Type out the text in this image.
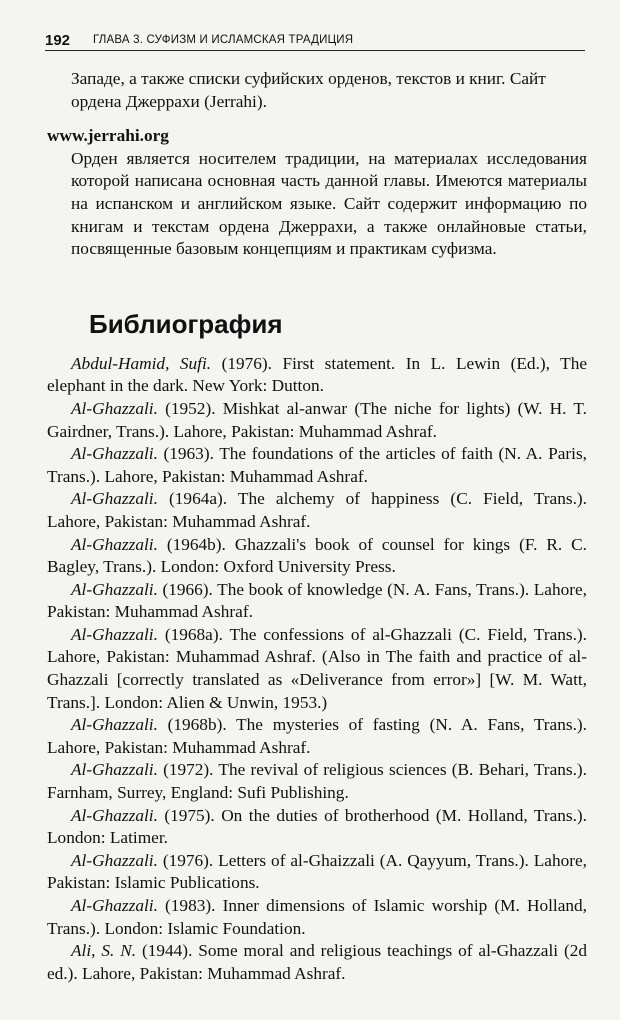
192 ГЛАВА 3. СУФИЗМ И ИСЛАМСКАЯ ТРАДИЦИЯ

Западе, а также списки суфийских орденов, текстов и книг. Сайт ордена Джеррахи (Jerrahi).

www.jerrahi.org

Орден является носителем традиции, на материалах исследования которой написана основная часть данной главы. Имеются материалы на испанском и английском языке. Сайт содержит информацию по книгам и текстам ордена Джеррахи, а также онлайновые статьи, посвященные базовым концепциям и практикам суфизма.

Библиография

Abdul-Hamid, Sufi. (1976). First statement. In L. Lewin (Ed.), The elephant in the dark. New York: Dutton.

Al-Ghazzali. (1952). Mishkat al-anwar (The niche for lights) (W. H. T. Gairdner, Trans.). Lahore, Pakistan: Muhammad Ashraf.

Al-Ghazzali. (1963). The foundations of the articles of faith (N. A. Paris, Trans.). Lahore, Pakistan: Muhammad Ashraf.

Al-Ghazzali. (1964a). The alchemy of happiness (C. Field, Trans.). Lahore, Pakistan: Muhammad Ashraf.

Al-Ghazzali. (1964b). Ghazzali's book of counsel for kings (F. R. C. Bagley, Trans.). London: Oxford University Press.

Al-Ghazzali. (1966). The book of knowledge (N. A. Fans, Trans.). Lahore, Pakistan: Muhammad Ashraf.

Al-Ghazzali. (1968a). The confessions of al-Ghazzali (C. Field, Trans.). Lahore, Pakistan: Muhammad Ashraf. (Also in The faith and practice of al-Ghazzali [correctly translated as «Deliverance from error»] [W. M. Watt, Trans.]. London: Alien & Unwin, 1953.)

Al-Ghazzali. (1968b). The mysteries of fasting (N. A. Fans, Trans.). Lahore, Pakistan: Muhammad Ashraf.

Al-Ghazzali. (1972). The revival of religious sciences (B. Behari, Trans.). Farnham, Surrey, England: Sufi Publishing.

Al-Ghazzali. (1975). On the duties of brotherhood (M. Holland, Trans.). London: Latimer.

Al-Ghazzali. (1976). Letters of al-Ghaizzali (A. Qayyum, Trans.). Lahore, Pakistan: Islamic Publications.

Al-Ghazzali. (1983). Inner dimensions of Islamic worship (M. Holland, Trans.). London: Islamic Foundation.

Ali, S. N. (1944). Some moral and religious teachings of al-Ghazzali (2d ed.). Lahore, Pakistan: Muhammad Ashraf.
